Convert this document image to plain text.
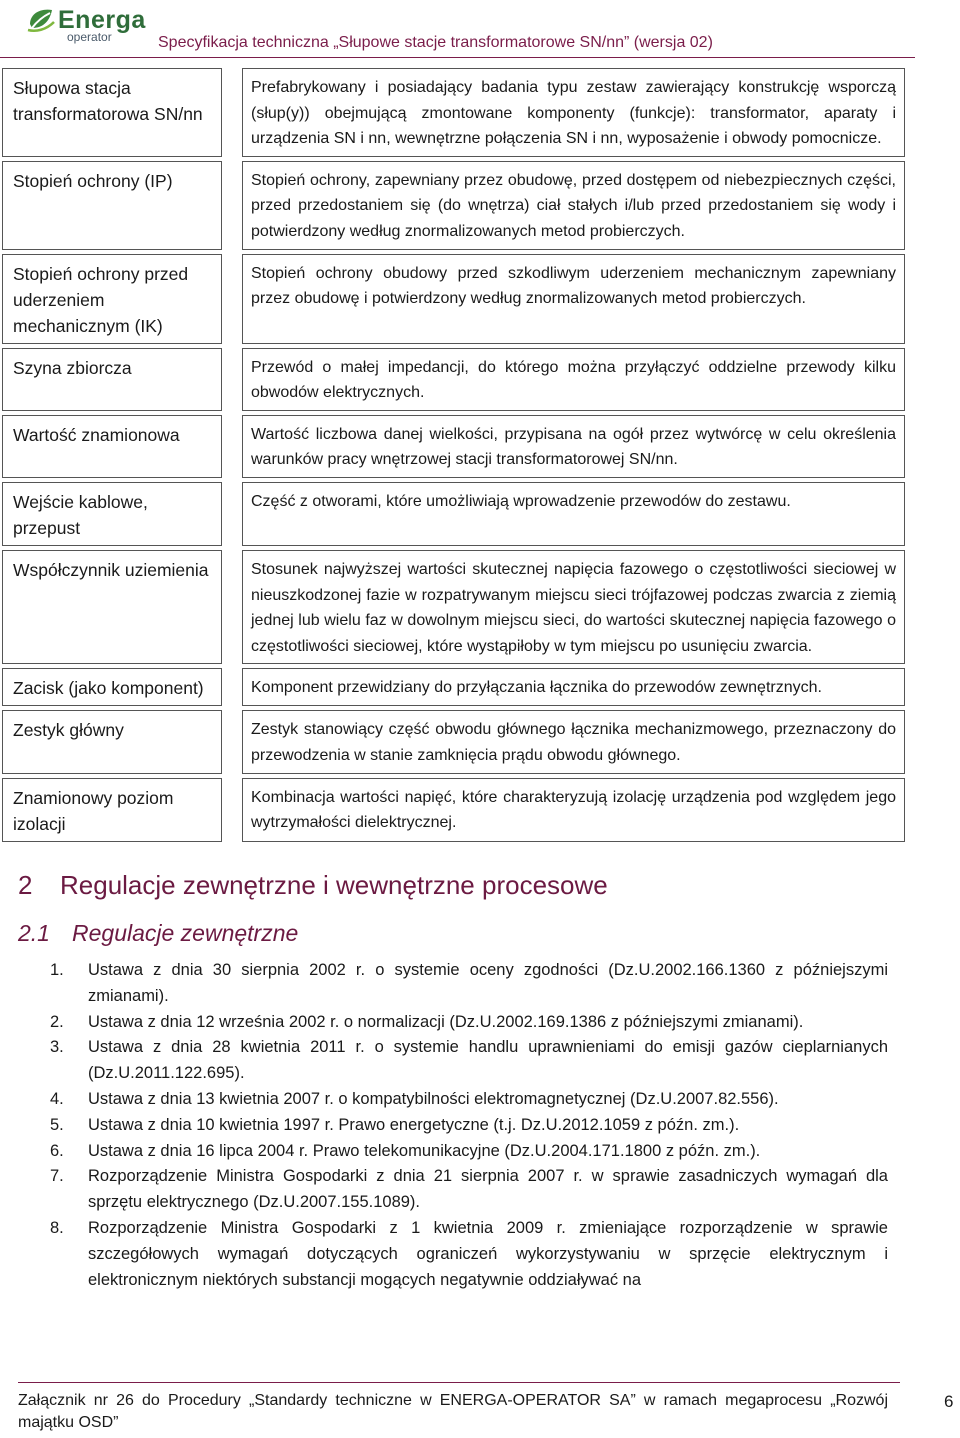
Energa
operator	Specyfikacja techniczna „Słupowe stacje transformatorowe SN/nn” (wersja 02)
Słupowa stacja transformatorowa SN/nn		Prefabrykowany i posiadający badania typu zestaw zawierający konstrukcję wsporczą (słup(y)) obejmującą zmontowane komponenty (funkcje): transformator, aparaty i urządzenia SN i nn, wewnętrzne połączenia SN i nn, wyposażenie i obwody pomocnicze.
Stopień ochrony (IP)		Stopień ochrony, zapewniany przez obudowę, przed dostępem od niebezpiecznych części, przed przedostaniem się (do wnętrza) ciał stałych i/lub przed przedostaniem się wody i potwierdzony według znormalizowanych metod probierczych.
Stopień ochrony przed uderzeniem mechanicznym (IK)		Stopień ochrony obudowy przed szkodliwym uderzeniem mechanicznym zapewniany przez obudowę i potwierdzony według znormalizowanych metod probierczych.
Szyna zbiorcza		Przewód o małej impedancji, do którego można przyłączyć oddzielne przewody kilku obwodów elektrycznych.
Wartość znamionowa		Wartość liczbowa danej wielkości, przypisana na ogół przez wytwórcę w celu określenia warunków pracy wnętrzowej stacji transformatorowej SN/nn.
Wejście kablowe, przepust		Część z otworami, które umożliwiają wprowadzenie przewodów do zestawu.
Współczynnik uziemienia		Stosunek najwyższej wartości skutecznej napięcia fazowego o częstotliwości sieciowej w nieuszkodzonej fazie w rozpatrywanym miejscu sieci trójfazowej podczas zwarcia z ziemią jednej lub wielu faz w dowolnym miejscu sieci, do wartości skutecznej napięcia fazowego o częstotliwości sieciowej, które wystąpiłoby w tym miejscu po usunięciu zwarcia.
Zacisk (jako komponent)		Komponent przewidziany do przyłączania łącznika do przewodów zewnętrznych.
Zestyk główny		Zestyk stanowiący część obwodu głównego łącznika mechanizmowego, przeznaczony do przewodzenia w stanie zamknięcia prądu obwodu głównego.
Znamionowy poziom izolacji		Kombinacja wartości napięć, które charakteryzują izolację urządzenia pod względem jego wytrzymałości dielektrycznej.
2 Regulacje zewnętrzne i wewnętrzne procesowe
2.1 Regulacje zewnętrzne
1. Ustawa z dnia 30 sierpnia 2002 r. o systemie oceny zgodności (Dz.U.2002.166.1360 z późniejszymi zmianami).
2. Ustawa z dnia 12 września 2002 r. o normalizacji (Dz.U.2002.169.1386 z późniejszymi zmianami).
3. Ustawa z dnia 28 kwietnia 2011 r. o systemie handlu uprawnieniami do emisji gazów cieplarnianych (Dz.U.2011.122.695).
4. Ustawa z dnia 13 kwietnia 2007 r. o kompatybilności elektromagnetycznej (Dz.U.2007.82.556).
5. Ustawa z dnia 10 kwietnia 1997 r. Prawo energetyczne (t.j. Dz.U.2012.1059 z późn. zm.).
6. Ustawa z dnia 16 lipca 2004 r. Prawo telekomunikacyjne (Dz.U.2004.171.1800 z późn. zm.).
7. Rozporządzenie Ministra Gospodarki z dnia 21 sierpnia 2007 r. w sprawie zasadniczych wymagań dla sprzętu elektrycznego (Dz.U.2007.155.1089).
8. Rozporządzenie Ministra Gospodarki z 1 kwietnia 2009 r. zmieniające rozporządzenie w sprawie szczegółowych wymagań dotyczących ograniczeń wykorzystywaniu w sprzęcie elektrycznym i elektronicznym niektórych substancji mogących negatywnie oddziaływać na
Załącznik nr 26 do Procedury „Standardy techniczne w ENERGA-OPERATOR SA” w ramach megaprocesu „Rozwój majątku OSD”
6
